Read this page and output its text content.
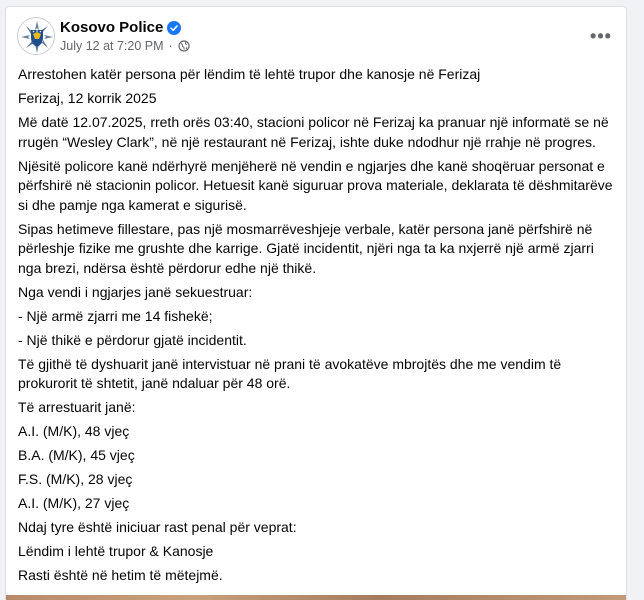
Kosovo Police
July 12 at 7:20 PM ·
•••

Arrestohen katër persona për lëndim të lehtë trupor dhe kanosje në Ferizaj

Ferizaj, 12 korrik 2025

Më datë 12.07.2025, rreth orës 03:40, stacioni policor në Ferizaj ka pranuar një informatë se në rrugën “Wesley Clark”, në një restaurant në Ferizaj, ishte duke ndodhur një rrahje në progres.

Njësitë policore kanë ndërhyrë menjëherë në vendin e ngjarjes dhe kanë shoqëruar personat e përfshirë në stacionin policor. Hetuesit kanë siguruar prova materiale, deklarata të dëshmitarëve si dhe pamje nga kamerat e sigurisë.

Sipas hetimeve fillestare, pas një mosmarrëveshjeje verbale, katër persona janë përfshirë në përleshje fizike me grushte dhe karrige. Gjatë incidentit, njëri nga ta ka nxjerrë një armë zjarri nga brezi, ndërsa është përdorur edhe një thikë.

Nga vendi i ngjarjes janë sekuestruar:

- Një armë zjarri me 14 fishekë;

- Një thikë e përdorur gjatë incidentit.

Të gjithë të dyshuarit janë intervistuar në prani të avokatëve mbrojtës dhe me vendim të prokurorit të shtetit, janë ndaluar për 48 orë.

Të arrestuarit janë:

A.I. (M/K), 48 vjeç

B.A. (M/K), 45 vjeç

F.S. (M/K), 28 vjeç

A.I. (M/K), 27 vjeç

Ndaj tyre është iniciuar rast penal për veprat:

Lëndim i lehtë trupor & Kanosje

Rasti është në hetim të mëtejmë.
